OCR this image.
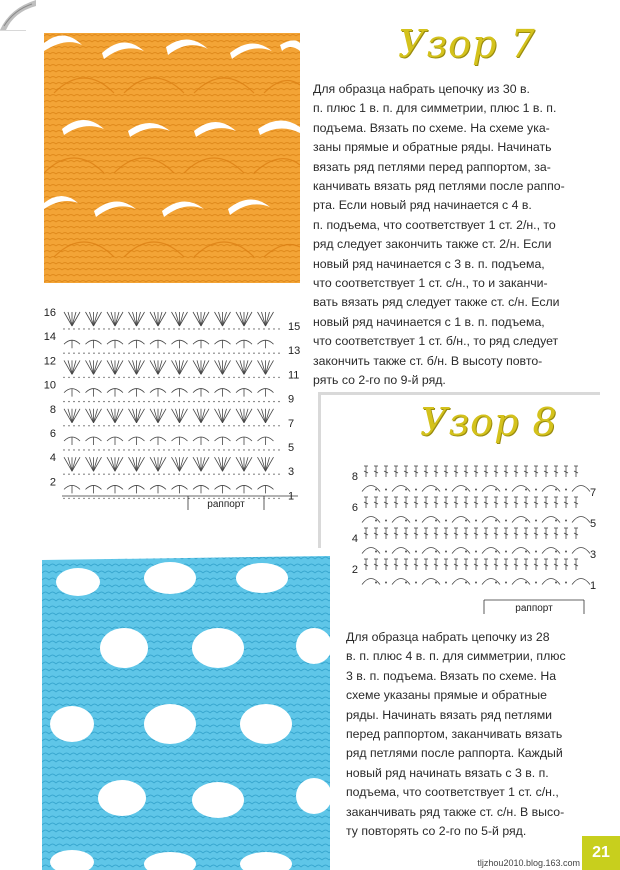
Узор 7
Для образца набрать цепочку из 30 в.
п. плюс 1 в. п. для симметрии, плюс 1 в. п.
подъема. Вязать по схеме. На схеме ука-
заны прямые и обратные ряды. Начинать
вязать ряд петлями перед раппортом, за-
канчивать вязать ряд петлями после раппо-
рта. Если новый ряд начинается с 4 в.
п. подъема, что соответствует 1 ст. 2/н., то
ряд следует закончить также ст. 2/н. Если
новый ряд начинается с 3 в. п. подъема,
что соответствует 1 ст. с/н., то и заканчи-
вать вязать ряд следует также ст. с/н. Если
новый ряд начинается с 1 в. п. подъема,
что соответствует 1 ст. б/н., то ряд следует
закончить также ст. б/н. В высоту повто-
рять со 2-го по 9-й ряд.
раппорт
16
14
12
10
8
6
4
2
15
13
11
9
7
5
3
1
Узор 8
раппорт
8
6
4
2
7
5
3
1
Для образца набрать цепочку из 28
в. п. плюс 4 в. п. для симметрии, плюс
3 в. п. подъема. Вязать по схеме. На
схеме указаны прямые и обратные
ряды. Начинать вязать ряд петлями
перед раппортом, заканчивать вязать
ряд петлями после раппорта. Каждый
новый ряд начинать вязать с 3 в. п.
подъема, что соответствует 1 ст. с/н.,
заканчивать ряд также ст. с/н. В высо-
ту повторять со 2-го по 5-й ряд.
tljzhou2010.blog.163.com
21
